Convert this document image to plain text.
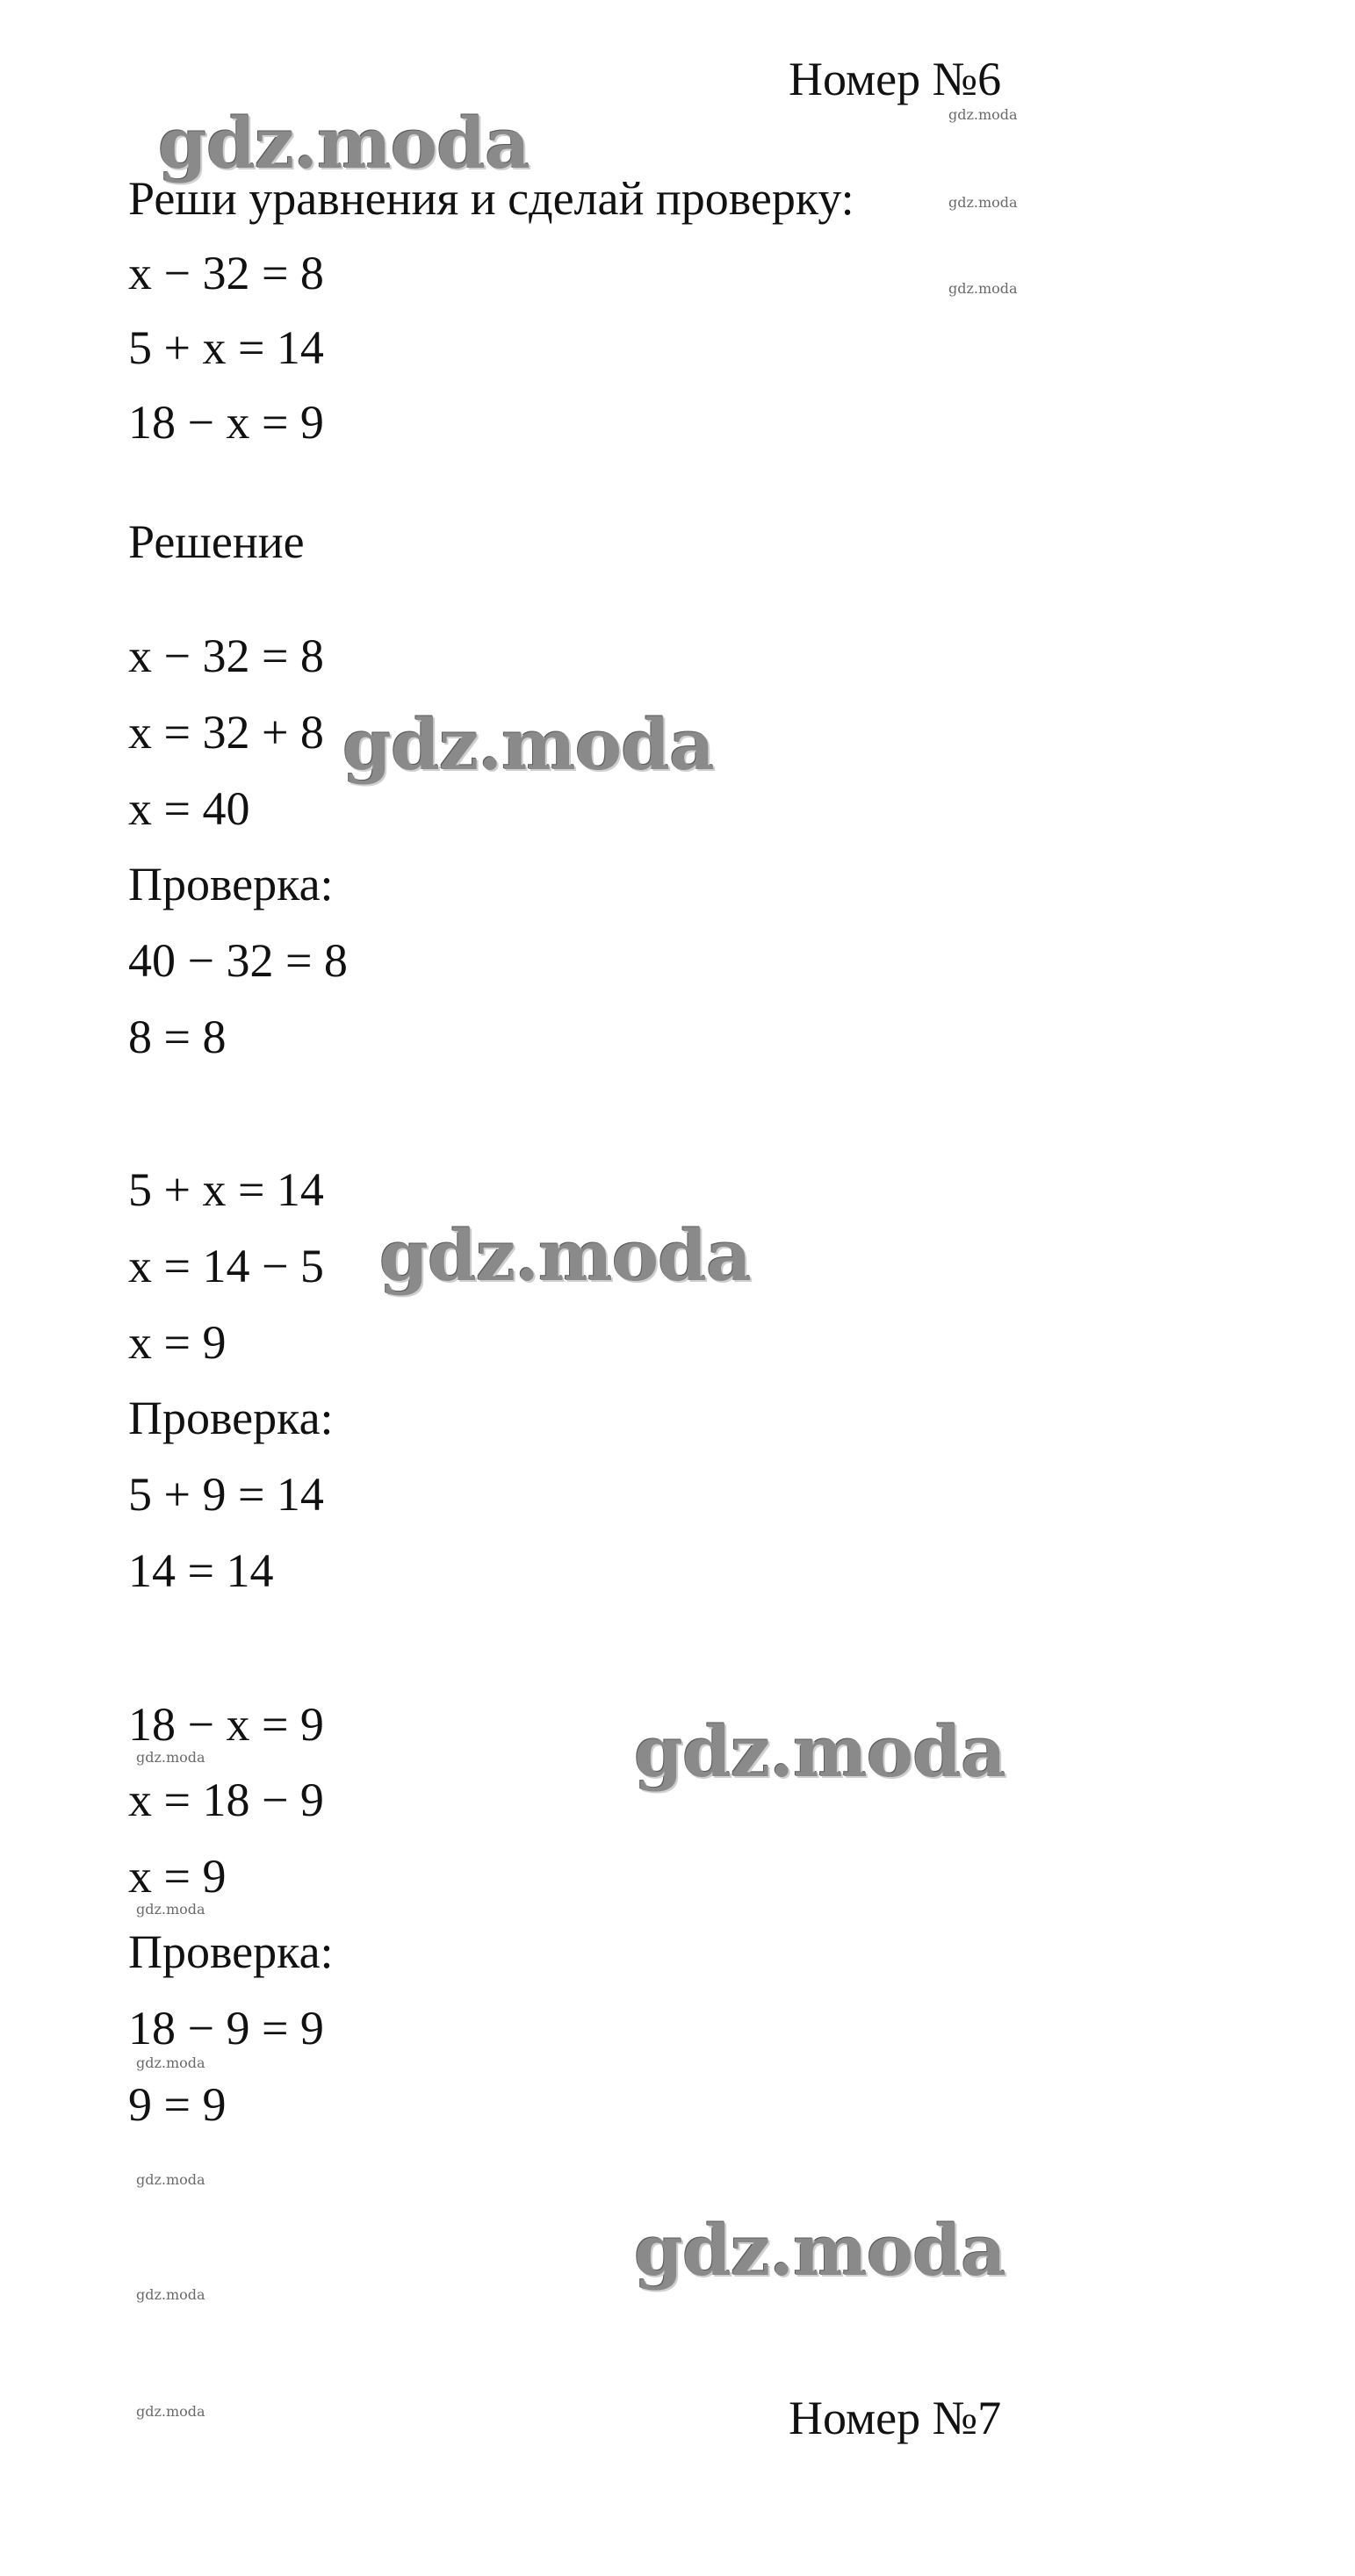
Номер №6
gdz.moda
Реши уравнения и сделай проверку:
x − 32 = 8
5 + x = 14
18 − x = 9
gdz.moda
gdz.moda
gdz.moda
Решение
x − 32 = 8
x = 32 + 8 gdz.moda
x = 40
Проверка:
40 − 32 = 8
8 = 8
5 + x = 14
x = 14 − 5 gdz.moda
x = 9
Проверка:
5 + 9 = 14
14 = 14
18 − x = 9
gdz.moda	gdz.moda
x = 18 − 9
x = 9
gdz.moda
Проверка:
18 − 9 = 9
gdz.moda
9 = 9
gdz.moda
gdz.moda
gdz.moda
gdz.moda	Номер №7
